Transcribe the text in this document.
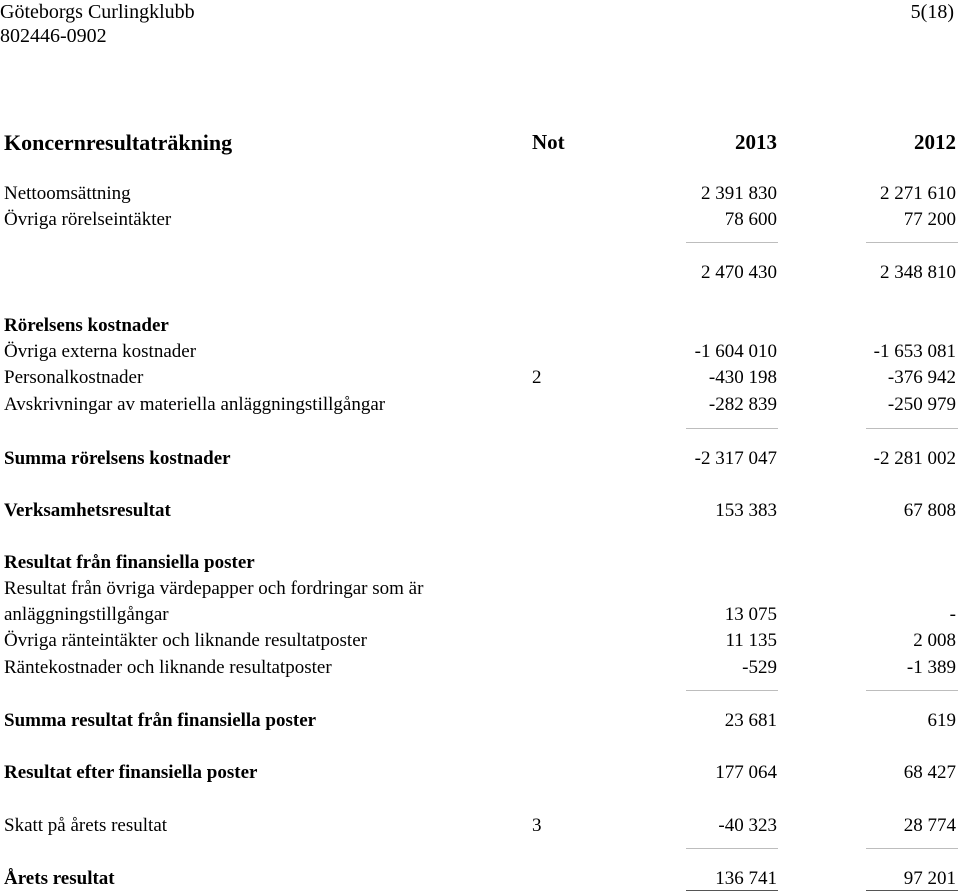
Göteborgs Curlingklubb
802446-0902
5(18)
Koncernresultaträkning	Not	2013	2012
Nettoomsättning	2 391 830	2 271 610
Övriga rörelseintäkter	78 600	77 200
2 470 430	2 348 810
Rörelsens kostnader
Övriga externa kostnader	-1 604 010	-1 653 081
Personalkostnader	2	-430 198	-376 942
Avskrivningar av materiella anläggningstillgångar	-282 839	-250 979
Summa rörelsens kostnader	-2 317 047	-2 281 002
Verksamhetsresultat	153 383	67 808
Resultat från finansiella poster
Resultat från övriga värdepapper och fordringar som är
anläggningstillgångar	13 075	-
Övriga ränteintäkter och liknande resultatposter	11 135	2 008
Räntekostnader och liknande resultatposter	-529	-1 389
Summa resultat från finansiella poster	23 681	619
Resultat efter finansiella poster	177 064	68 427
Skatt på årets resultat	3	-40 323	28 774
Årets resultat	136 741	97 201
